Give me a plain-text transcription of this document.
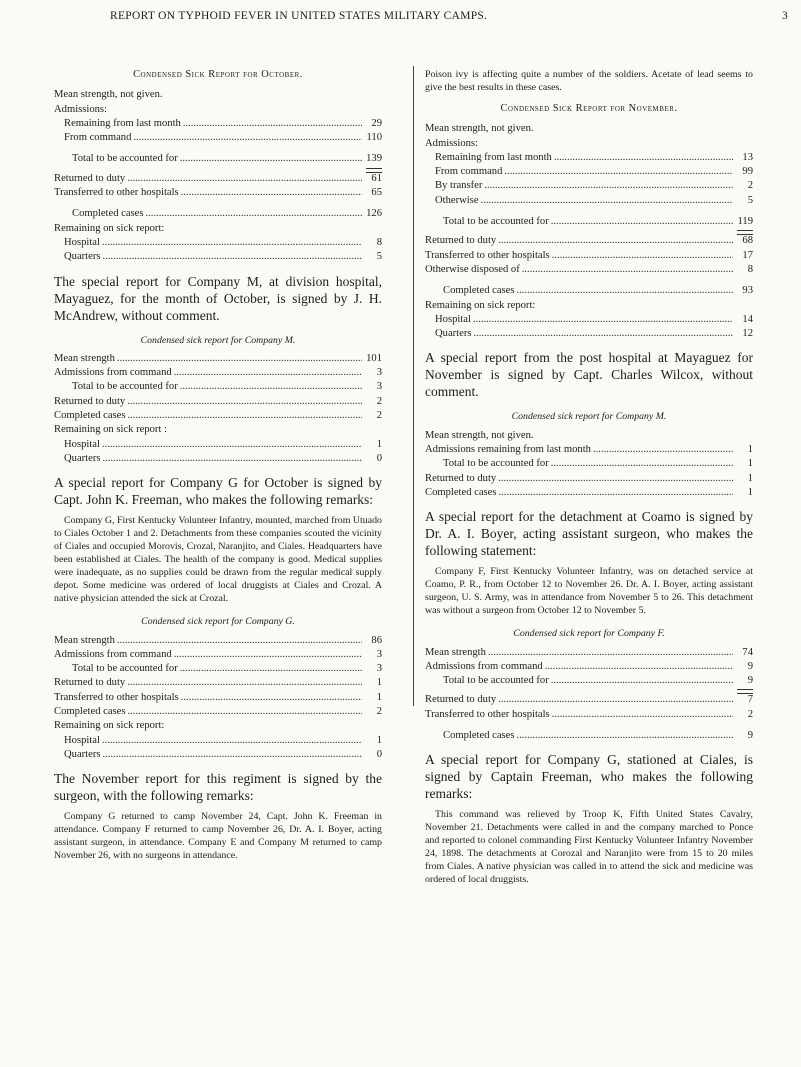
REPORT ON TYPHOID FEVER IN UNITED STATES MILITARY CAMPS.	3

Condensed Sick Report for October.

Mean strength, not given.

Admissions:

Remaining from last month .....	29
From command .....	110
Total to be accounted for .....	139
Returned to duty .....	61
Transferred to other hospitals .....	65
Completed cases .....	126

Remaining on sick report:

Hospital .....	8
Quarters .....	5

The special report for Company M, at division hospital, Mayaguez, for the month of October, is signed by J. H. McAndrew, without comment.

Condensed sick report for Company M.

Mean strength .....	101
Admissions from command .....	3
Total to be accounted for .....	3
Returned to duty .....	2
Completed cases .....	2

Remaining on sick report :

Hospital .....	1
Quarters .....	0

A special report for Company G for October is signed by Capt. John K. Freeman, who makes the following remarks:

Company G, First Kentucky Volunteer Infantry, mounted, marched from Utuado to Ciales October 1 and 2. Detachments from these companies scouted the vicinity of Ciales and occupied Morovis, Crozal, Naranjito, and Ciales. Headquarters have been established at Ciales. The health of the company is good. Medical supplies were inadequate, as no supplies could be drawn from the regular medical supply depot. Some medicine was ordered of local druggists at Ciales and Crozal. A native physician attended the sick at Crozal.

Condensed sick report for Company G.

Mean strength .....	86
Admissions from command .....	3
Total to be accounted for .....	3
Returned to duty .....	1
Transferred to other hospitals .....	1
Completed cases .....	2

Remaining on sick report:

Hospital .....	1
Quarters .....	0

The November report for this regiment is signed by the surgeon, with the following remarks:

Company G returned to camp November 24, Capt. John K. Freeman in attendance. Company F returned to camp November 26, Dr. A. I. Boyer, acting assistant surgeon, in attendance. Company E and Company M returned to camp November 26, with no surgeons in attendance.

Poison ivy is affecting quite a number of the soldiers. Acetate of lead seems to give the best results in these cases.

Condensed Sick Report for November.

Mean strength, not given.

Admissions:

Remaining from last month .....	13
From command .....	99
By transfer .....	2
Otherwise .....	5
Total to be accounted for .....	119
Returned to duty .....	68
Transferred to other hospitals .....	17
Otherwise disposed of .....	8
Completed cases .....	93

Remaining on sick report:

Hospital .....	14
Quarters .....	12

A special report from the post hospital at Mayaguez for November is signed by Capt. Charles Wilcox, without comment.

Condensed sick report for Company M.

Mean strength, not given.

Admissions remaining from last month .....	1
Total to be accounted for .....	1
Returned to duty .....	1
Completed cases .....	1

A special report for the detachment at Coamo is signed by Dr. A. I. Boyer, acting assistant surgeon, who makes the following statement:

Company F, First Kentucky Volunteer Infantry, was on detached service at Coamo, P. R., from October 12 to November 26. Dr. A. I. Boyer, acting assistant surgeon, U. S. Army, was in attendance from November 5 to 26. This detachment was without a surgeon from October 12 to November 5.

Condensed sick report for Company F.

Mean strength .....	74
Admissions from command .....	9
Total to be accounted for .....	9
Returned to duty .....	7
Transferred to other hospitals .....	2
Completed cases .....	9

A special report for Company G, stationed at Ciales, is signed by Captain Freeman, who makes the following remarks:

This command was relieved by Troop K, Fifth United States Cavalry, November 21. Detachments were called in and the company marched to Ponce and reported to colonel commanding First Kentucky Volunteer Infantry November 24, 1898. The detachments at Corozal and Naranjito were from 15 to 20 miles from Ciales. A native physician was called in to attend the sick and medicine was ordered of local druggists.
